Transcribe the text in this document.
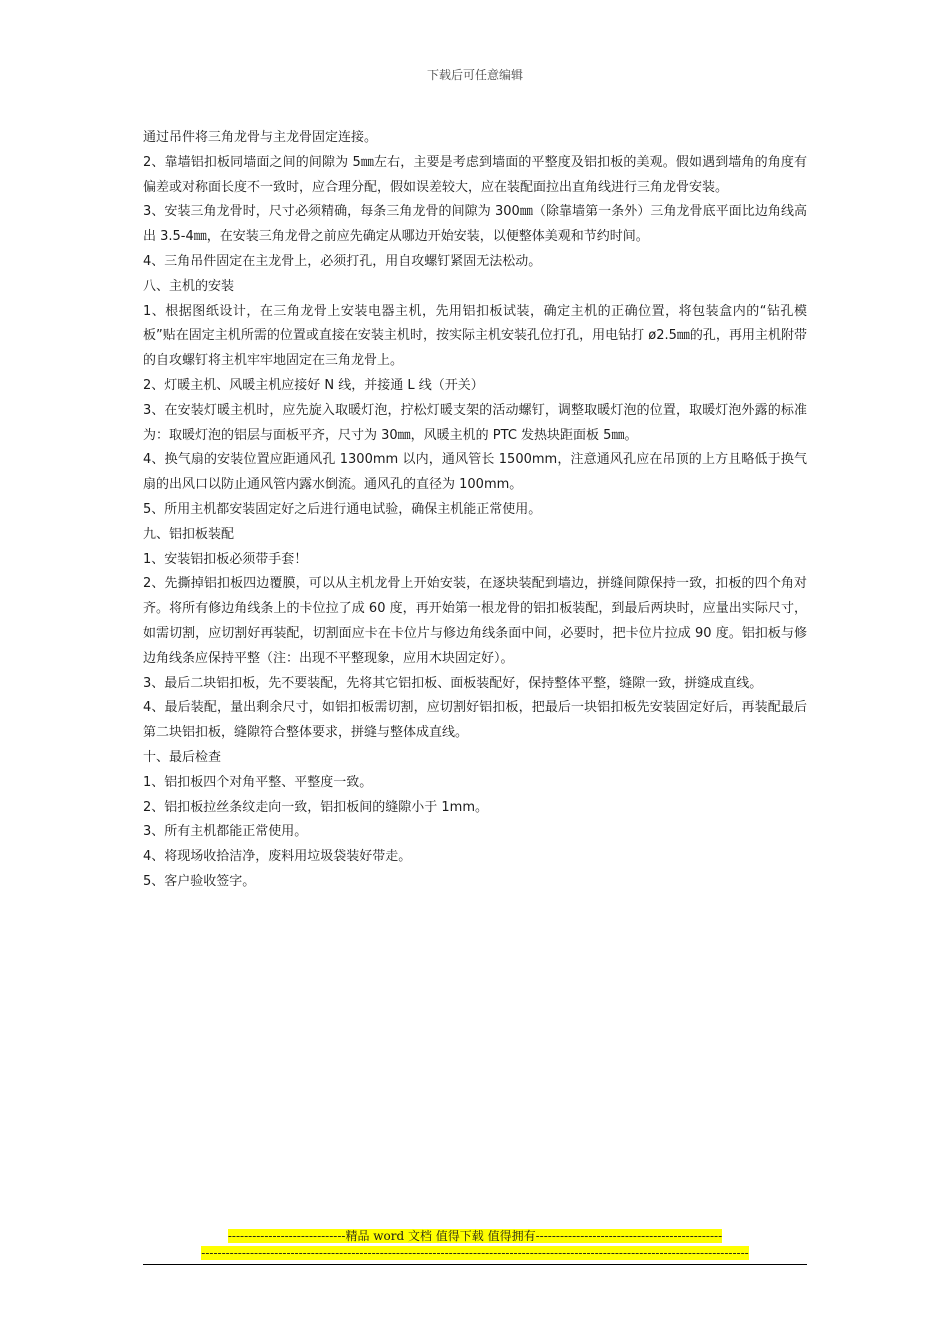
下载后可任意编辑

通过吊件将三角龙骨与主龙骨固定连接。

2、靠墙铝扣板同墙面之间的间隙为 5㎜左右，主要是考虑到墙面的平整度及铝扣板的美观。假如遇到墙角的角度有偏差或对称面长度不一致时，应合理分配，假如误差较大，应在装配面拉出直角线进行三角龙骨安装。

3、安装三角龙骨时，尺寸必须精确，每条三角龙骨的间隙为 300㎜（除靠墙第一条外）三角龙骨底平面比边角线高出 3.5-4㎜，在安装三角龙骨之前应先确定从哪边开始安装，以便整体美观和节约时间。

4、三角吊件固定在主龙骨上，必须打孔，用自攻螺钉紧固无法松动。

八、主机的安装

1、根据图纸设计，在三角龙骨上安装电器主机，先用铝扣板试装，确定主机的正确位置，将包装盒内的“钻孔模板”贴在固定主机所需的位置或直接在安装主机时，按实际主机安装孔位打孔，用电钻打 ø2.5㎜的孔，再用主机附带的自攻螺钉将主机牢牢地固定在三角龙骨上。

2、灯暖主机、风暖主机应接好 N 线，并接通 L 线（开关）

3、在安装灯暖主机时，应先旋入取暖灯泡，拧松灯暖支架的活动螺钉，调整取暖灯泡的位置，取暖灯泡外露的标准为：取暖灯泡的铝层与面板平齐，尺寸为 30㎜，风暖主机的 PTC 发热块距面板 5㎜。

4、换气扇的安装位置应距通风孔 1300mm 以内，通风管长 1500mm，注意通风孔应在吊顶的上方且略低于换气扇的出风口以防止通风管内露水倒流。通风孔的直径为 100mm。

5、所用主机都安装固定好之后进行通电试验，确保主机能正常使用。

九、铝扣板装配

1、安装铝扣板必须带手套！

2、先撕掉铝扣板四边覆膜，可以从主机龙骨上开始安装，在逐块装配到墙边，拼缝间隙保持一致，扣板的四个角对齐。将所有修边角线条上的卡位拉了成 60 度，再开始第一根龙骨的铝扣板装配，到最后两块时，应量出实际尺寸，如需切割，应切割好再装配，切割面应卡在卡位片与修边角线条面中间，必要时，把卡位片拉成 90 度。铝扣板与修边角线条应保持平整（注：出现不平整现象，应用木块固定好）。

3、最后二块铝扣板，先不要装配，先将其它铝扣板、面板装配好，保持整体平整，缝隙一致，拼缝成直线。

4、最后装配，量出剩余尺寸，如铝扣板需切割，应切割好铝扣板，把最后一块铝扣板先安装固定好后，再装配最后第二块铝扣板，缝隙符合整体要求，拼缝与整体成直线。

十、最后检查

1、铝扣板四个对角平整、平整度一致。

2、铝扣板拉丝条纹走向一致，铝扣板间的缝隙小于 1mm。

3、所有主机都能正常使用。

4、将现场收拾洁净，废料用垃圾袋装好带走。

5、客户验收签字。

-----------------------------精品 word 文档 值得下载 值得拥有----------------------------------------------
---------------------------------------------------------------------------------------------------------------------------------------
